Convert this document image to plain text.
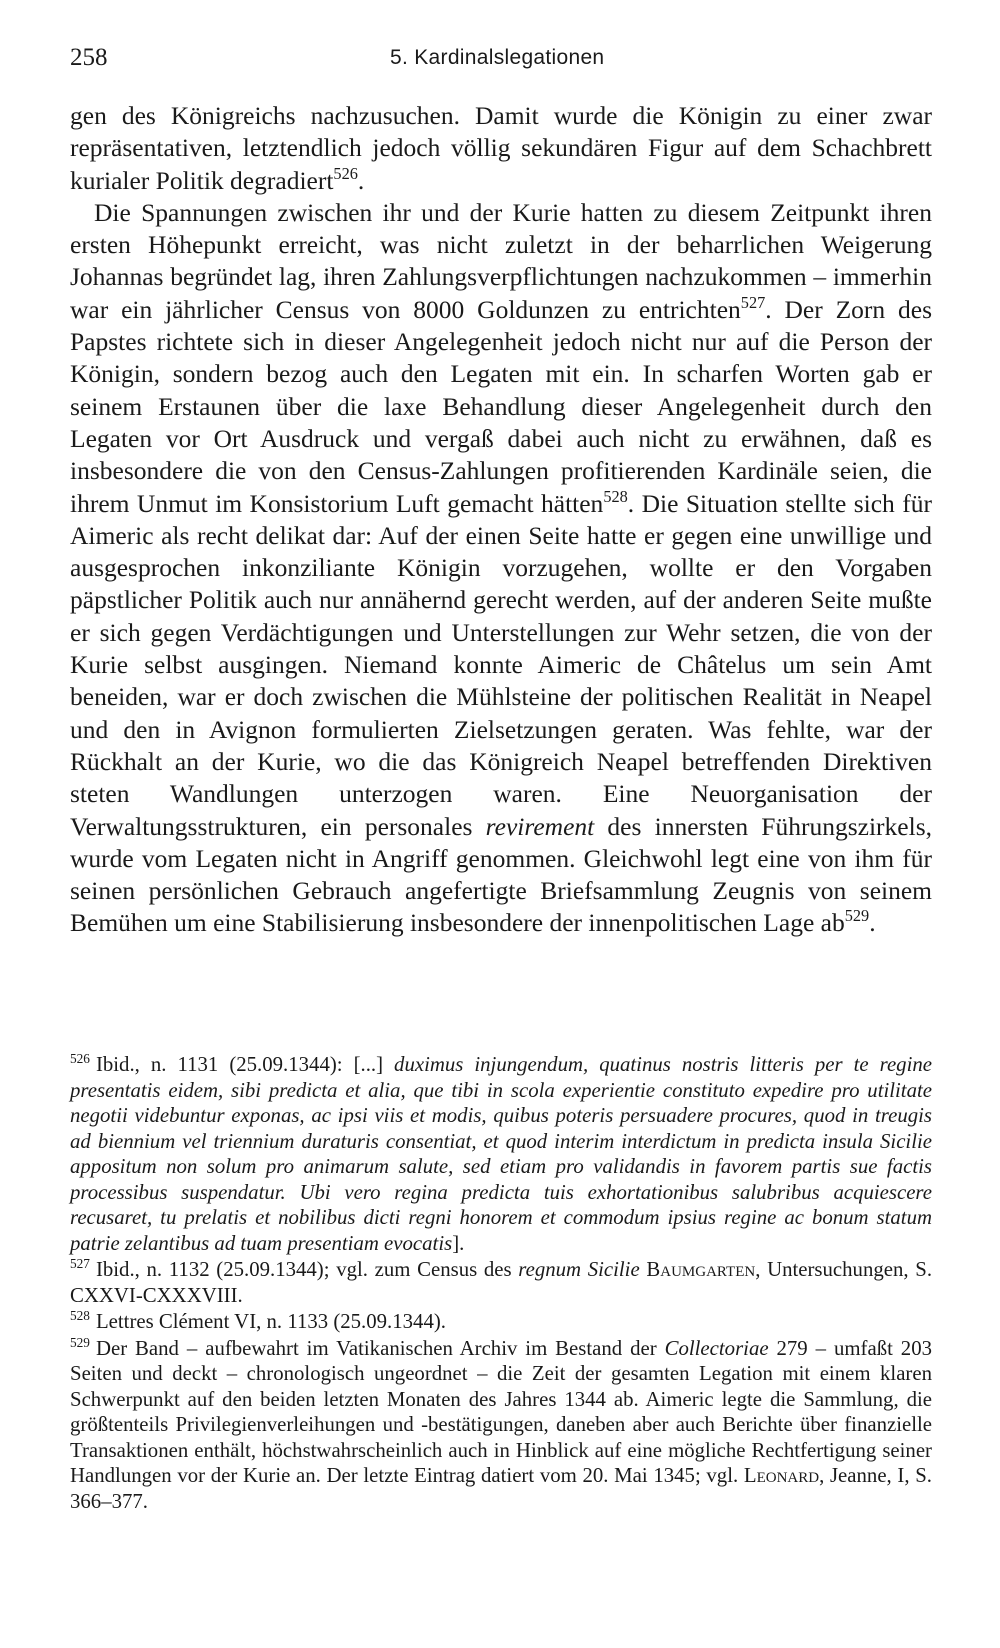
258	5. Kardinalslegationen

gen des Königreichs nachzusuchen. Damit wurde die Königin zu einer zwar repräsentativen, letztendlich jedoch völlig sekundären Figur auf dem Schachbrett kurialer Politik degradiert$^{526}$.

Die Spannungen zwischen ihr und der Kurie hatten zu diesem Zeitpunkt ihren ersten Höhepunkt erreicht, was nicht zuletzt in der beharrlichen Weigerung Johannas begründet lag, ihren Zahlungsverpflichtungen nachzukommen – immerhin war ein jährlicher Census von 8000 Goldunzen zu entrichten$^{527}$. Der Zorn des Papstes richtete sich in dieser Angelegenheit jedoch nicht nur auf die Person der Königin, sondern bezog auch den Legaten mit ein. In scharfen Worten gab er seinem Erstaunen über die laxe Behandlung dieser Angelegenheit durch den Legaten vor Ort Ausdruck und vergaß dabei auch nicht zu erwähnen, daß es insbesondere die von den Census-Zahlungen profitierenden Kardinäle seien, die ihrem Unmut im Konsistorium Luft gemacht hätten$^{528}$. Die Situation stellte sich für Aimeric als recht delikat dar: Auf der einen Seite hatte er gegen eine unwillige und ausgesprochen inkonziliante Königin vorzugehen, wollte er den Vorgaben päpstlicher Politik auch nur annähernd gerecht werden, auf der anderen Seite mußte er sich gegen Verdächtigungen und Unterstellungen zur Wehr setzen, die von der Kurie selbst ausgingen. Niemand konnte Aimeric de Châtelus um sein Amt beneiden, war er doch zwischen die Mühlsteine der politischen Realität in Neapel und den in Avignon formulierten Zielsetzungen geraten. Was fehlte, war der Rückhalt an der Kurie, wo die das Königreich Neapel betreffenden Direktiven steten Wandlungen unterzogen waren. Eine Neuorganisation der Verwaltungsstrukturen, ein personales revirement des innersten Führungszirkels, wurde vom Legaten nicht in Angriff genommen. Gleichwohl legt eine von ihm für seinen persönlichen Gebrauch angefertigte Briefsammlung Zeugnis von seinem Bemühen um eine Stabilisierung insbesondere der innenpolitischen Lage $ab^{529}$.

$^{526}$ Ibid., n. 1131 (25.09.1344): [...] duximus injungendum, quatinus nostris litteris per te regine presentatis eidem, sibi predicta et alia, que tibi in scola experientie constituto expedire pro utilitate negotii videbuntur exponas, ac ipsi viis et modis, quibus poteris persuadere procures, quod in treugis ad biennium vel triennium duraturis consentiat, et quod interim interdictum in predicta insula Sicilie appositum non solum pro animarum salute, sed etiam pro validandis in favorem partis sue factis processibus suspendatur. Ubi vero regina predicta tuis exhortationibus salubribus acquiescere recusaret, tu prelatis et nobilibus dicti regni honorem et commodum ipsius regine ac bonum statum patrie zelantibus ad tuam presentiam evocatis].

$^{527}$ Ibid., n. 1132 (25.09.1344); vgl. zum Census des regnum Sicilie Baumgarten, Untersuchungen, S. CXXVI-CXXXVIII.

$^{528}$ Lettres Clément VI, n. 1133 (25.09.1344).

$^{529}$ Der Band – aufbewahrt im Vatikanischen Archiv im Bestand der Collectoriae 279 – umfaßt 203 Seiten und deckt – chronologisch ungeordnet – die Zeit der gesamten Legation mit einem klaren Schwerpunkt auf den beiden letzten Monaten des Jahres 1344 ab. Aimeric legte die Sammlung, die größtenteils Privilegienverleihungen und -bestätigungen, daneben aber auch Berichte über finanzielle Transaktionen enthält, höchstwahrscheinlich auch in Hinblick auf eine mögliche Rechtfertigung seiner Handlungen vor der Kurie an. Der letzte Eintrag datiert vom 20. Mai 1345; vgl. Leonard, Jeanne, I, S. 366–377.
